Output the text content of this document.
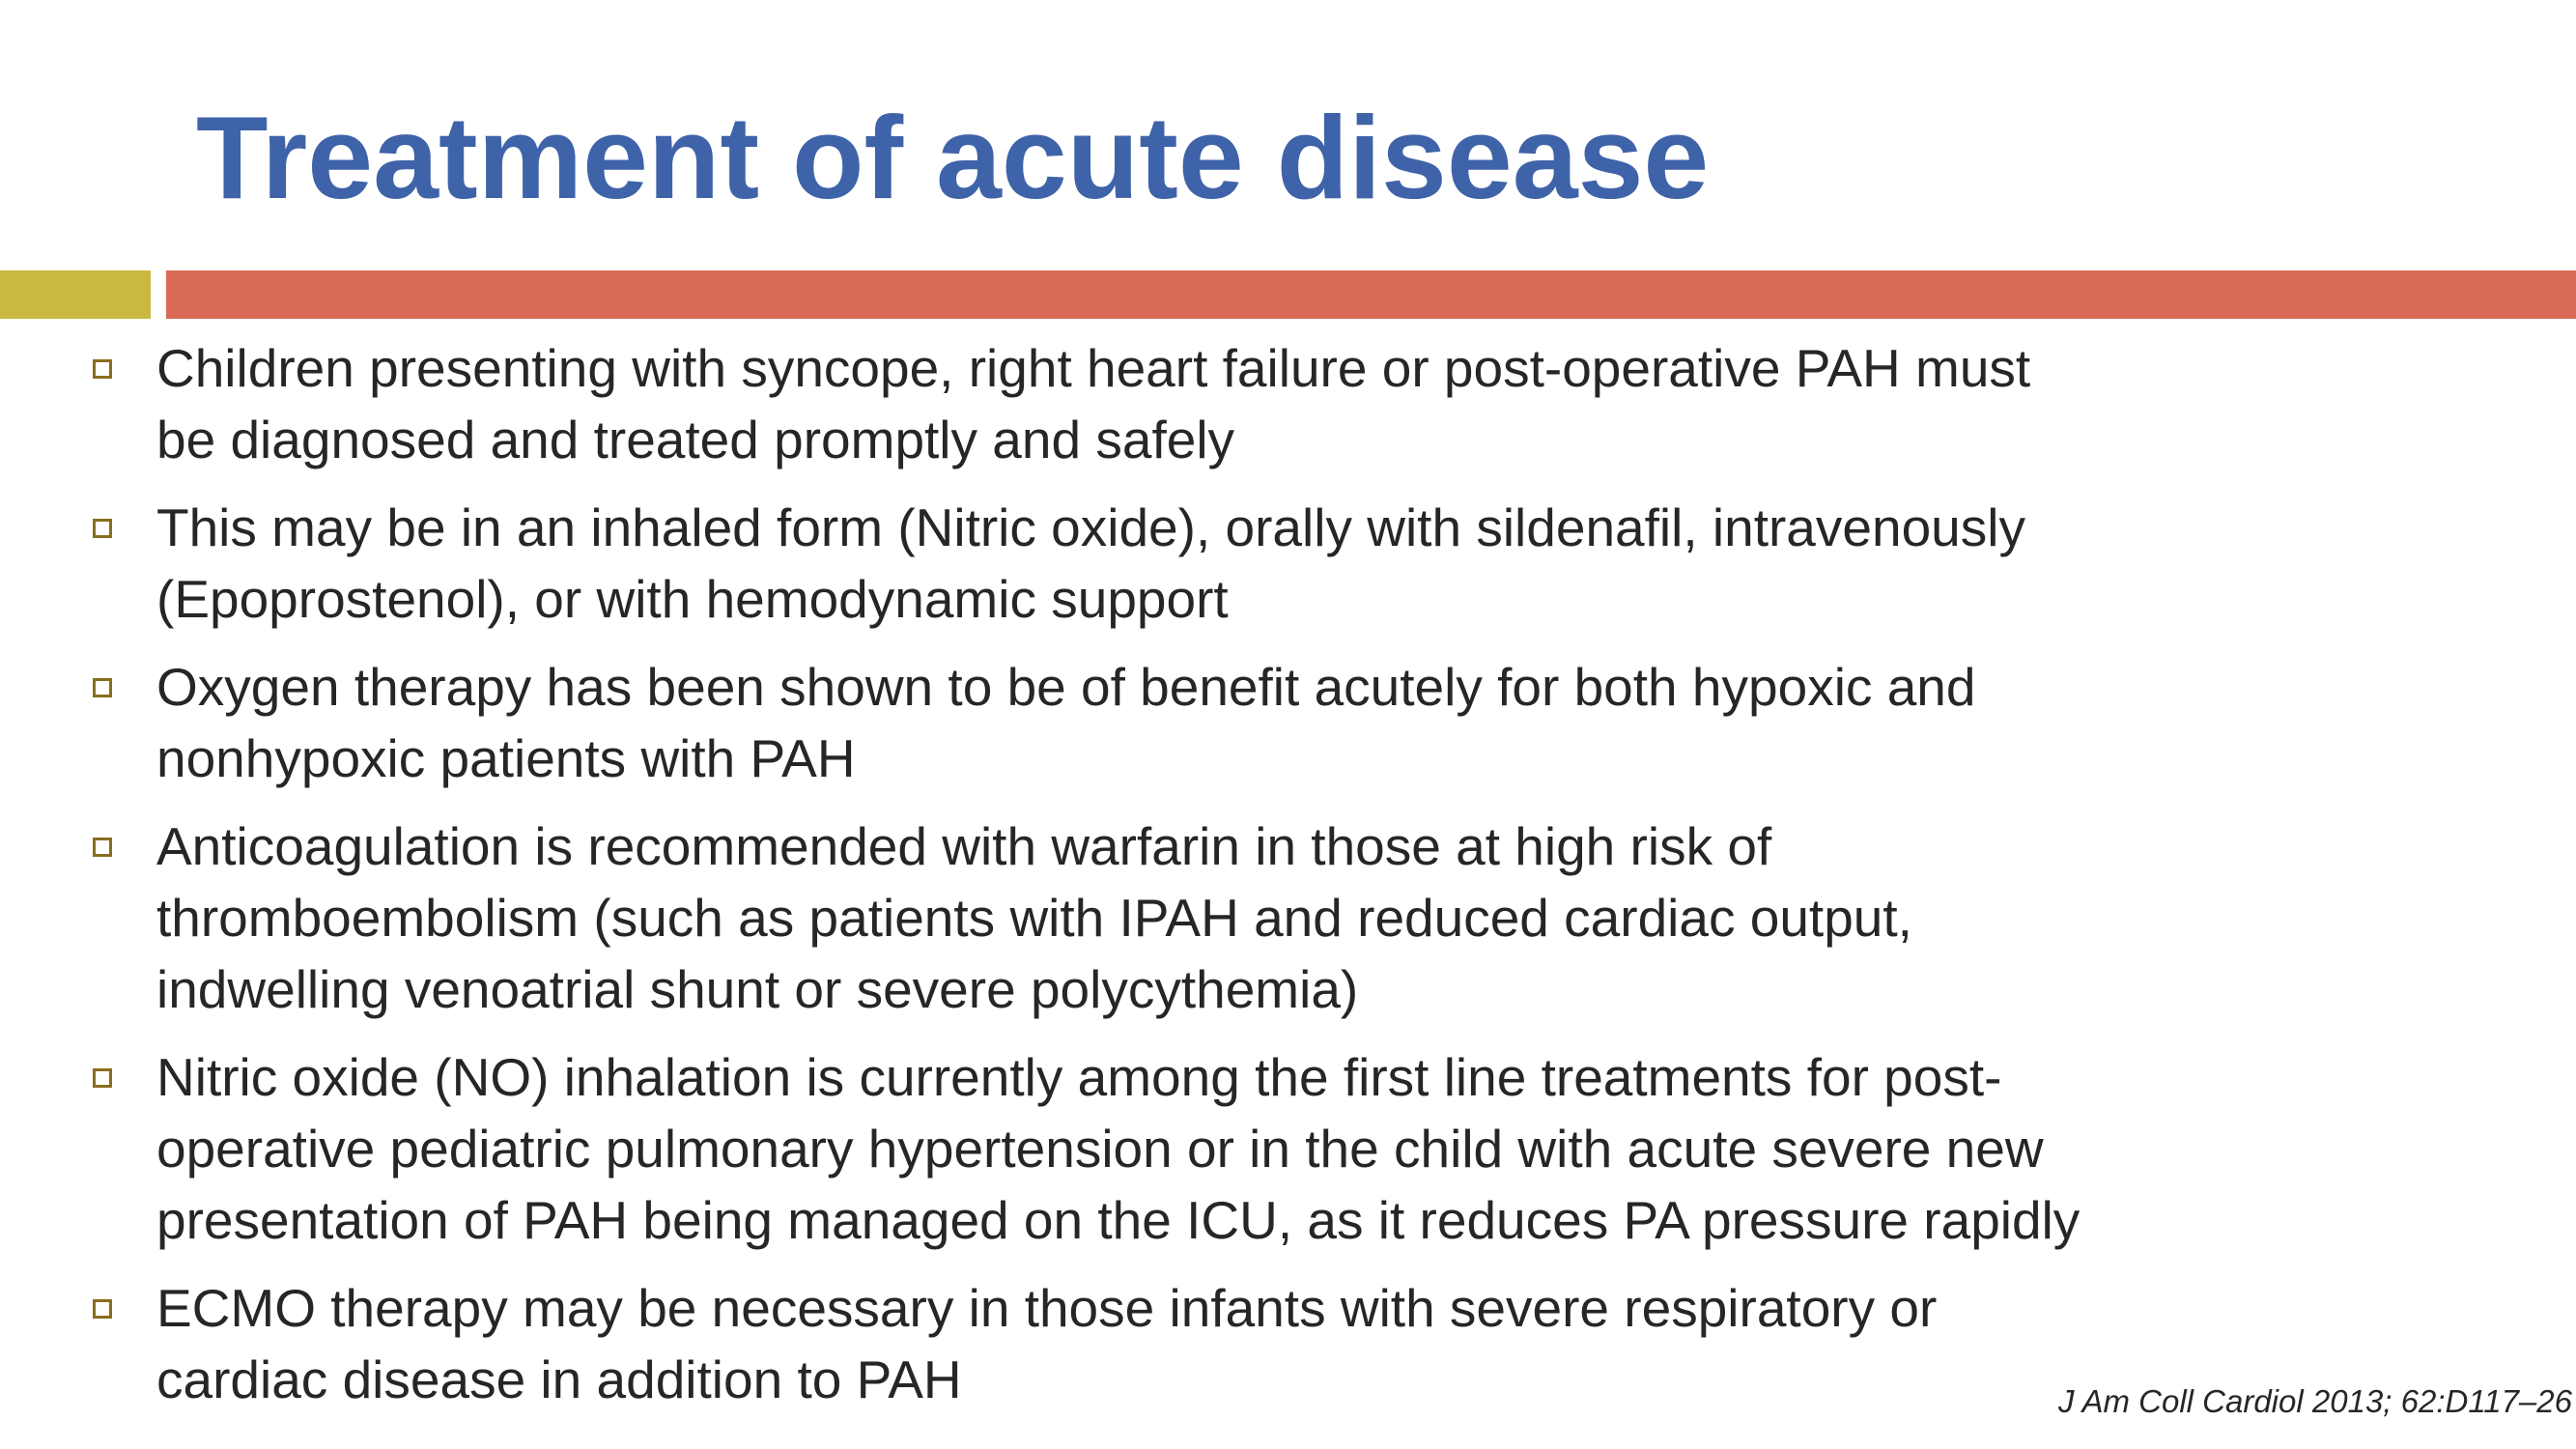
Treatment of acute disease
Children presenting with syncope, right heart failure or post-operative PAH must
be diagnosed and treated promptly and safely
This may be in an inhaled form (Nitric oxide), orally with sildenafil, intravenously
(Epoprostenol), or with hemodynamic support
Oxygen therapy has been shown to be of benefit acutely for both hypoxic and
nonhypoxic patients with PAH
Anticoagulation is recommended with warfarin in those at high risk of
thromboembolism (such as patients with IPAH and reduced cardiac output,
indwelling venoatrial shunt or severe polycythemia)
Nitric oxide (NO) inhalation is currently among the first line treatments for post-
operative pediatric pulmonary hypertension or in the child with acute severe new
presentation of PAH being managed on the ICU, as it reduces PA pressure rapidly
ECMO therapy may be necessary in those infants with severe respiratory or
cardiac disease in addition to PAH	J Am Coll Cardiol 2013; 62:D117–26
